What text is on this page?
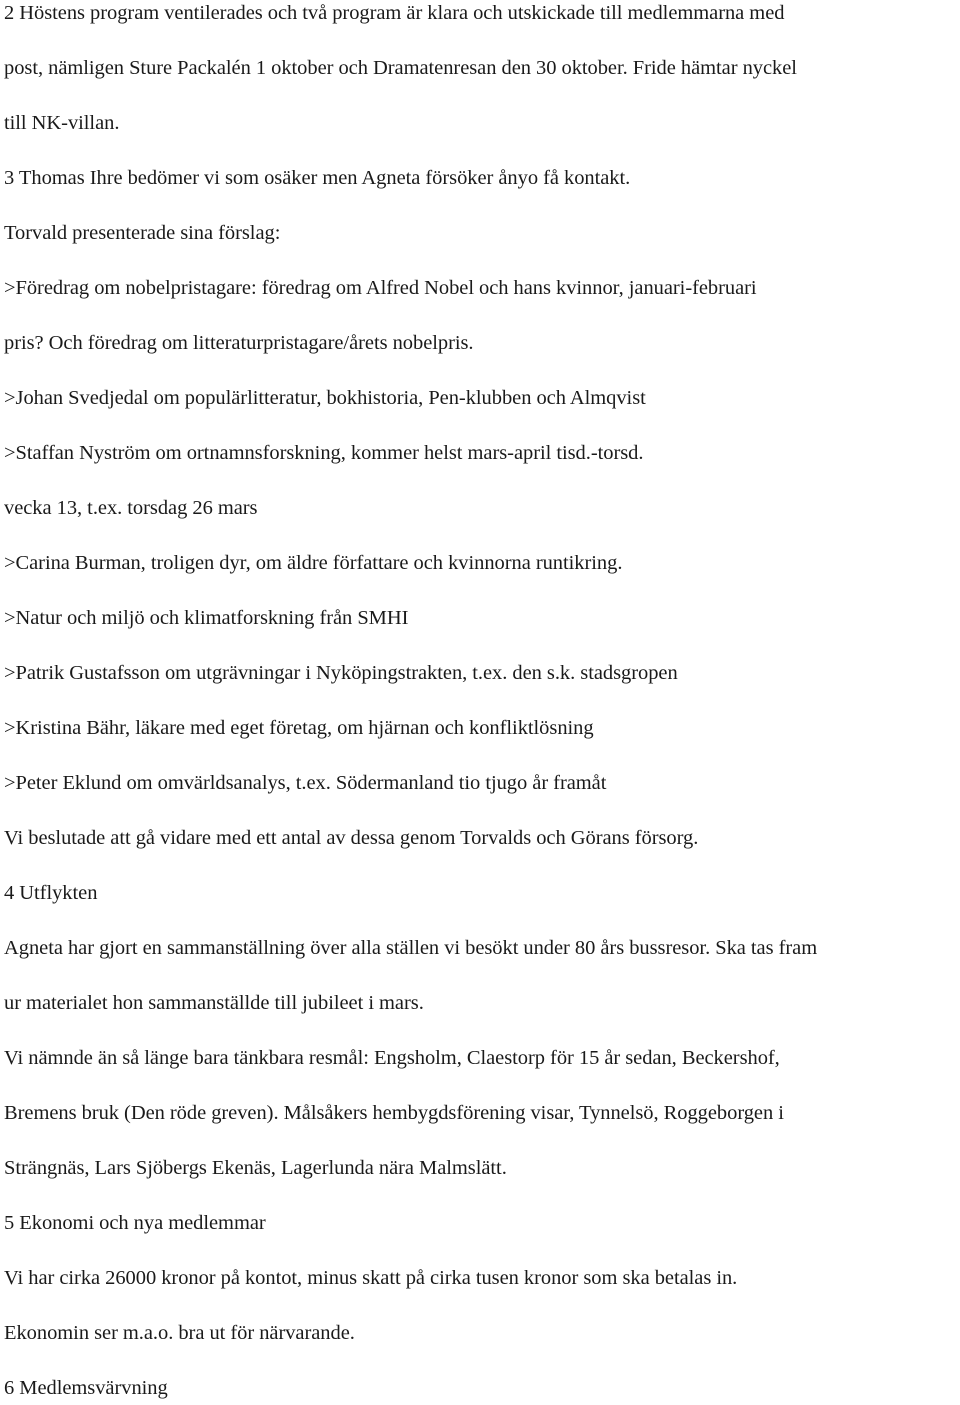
2 Höstens program ventilerades och två program är klara och utskickade till medlemmarna med

post, nämligen Sture Packalén 1 oktober och Dramatenresan den 30 oktober. Fride hämtar nyckel

till NK-villan.

3 Thomas Ihre bedömer vi som osäker men Agneta försöker ånyo få kontakt.

Torvald presenterade sina förslag:

>Föredrag om nobelpristagare: föredrag om Alfred Nobel och hans kvinnor, januari-februari

pris? Och föredrag om litteraturpristagare/årets nobelpris.

>Johan Svedjedal om populärlitteratur, bokhistoria, Pen-klubben och Almqvist

>Staffan Nyström om ortnamnsforskning, kommer helst mars-april tisd.-torsd.

vecka 13, t.ex. torsdag 26 mars

>Carina Burman, troligen dyr, om äldre författare och kvinnorna runtikring.

>Natur och miljö och klimatforskning från SMHI

>Patrik Gustafsson om utgrävningar i Nyköpingstrakten, t.ex. den s.k. stadsgropen

>Kristina Bähr, läkare med eget företag, om hjärnan och konfliktlösning

>Peter Eklund om omvärldsanalys, t.ex. Södermanland tio tjugo år framåt

Vi beslutade att gå vidare med ett antal av dessa genom Torvalds och Görans försorg.

4 Utflykten

Agneta har gjort en sammanställning över alla ställen vi besökt under 80 års bussresor. Ska tas fram

ur materialet hon sammanställde till jubileet i mars.

Vi nämnde än så länge bara tänkbara resmål: Engsholm, Claestorp för 15 år sedan, Beckershof,

Bremens bruk (Den röde greven). Målsåkers hembygdsförening visar, Tynnelsö, Roggeborgen i

Strängnäs, Lars Sjöbergs Ekenäs, Lagerlunda nära Malmslätt.

5 Ekonomi och nya medlemmar

Vi har cirka 26000 kronor på kontot, minus skatt på cirka tusen kronor som ska betalas in.

Ekonomin ser m.a.o. bra ut för närvarande.

6 Medlemsvärvning
